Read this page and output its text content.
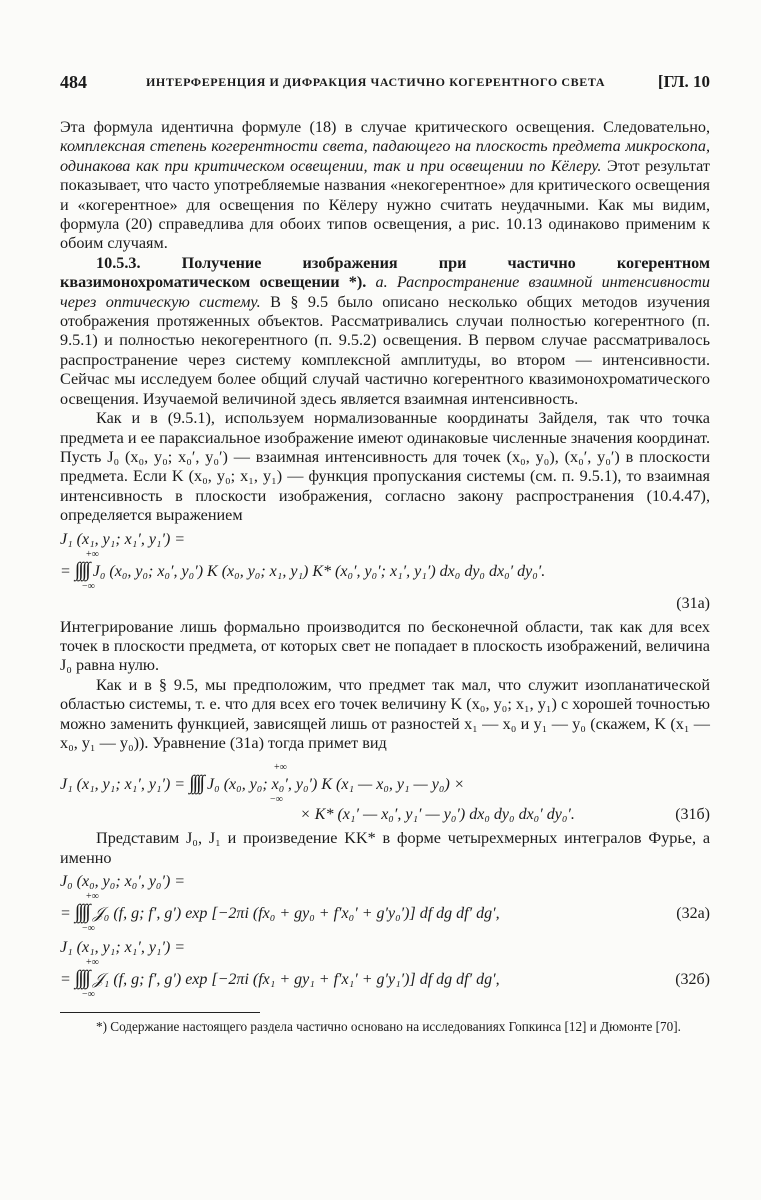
484	ИНТЕРФЕРЕНЦИЯ И ДИФРАКЦИЯ ЧАСТИЧНО КОГЕРЕНТНОГО СВЕТА	[ГЛ. 10

Эта формула идентична формуле (18) в случае критического освещения. Следовательно, комплексная степень когерентности света, падающего на плоскость предмета микроскопа, одинакова как при критическом освещении, так и при освещении по Кёлеру. Этот результат показывает, что часто употребляемые названия «некогерентное» для критического освещения и «когерентное» для освещения по Кёлеру нужно считать неудачными. Как мы видим, формула (20) справедлива для обоих типов освещения, а рис. 10.13 одинаково применим к обоим случаям.

10.5.3. Получение изображения при частично когерентном квазимонохроматическом освещении *). а. Распространение взаимной интенсивности через оптическую систему. В § 9.5 было описано несколько общих методов изучения отображения протяженных объектов. Рассматривались случаи полностью когерентного (п. 9.5.1) и полностью некогерентного (п. 9.5.2) освещения. В первом случае рассматривалось распространение через систему комплексной амплитуды, во втором — интенсивности. Сейчас мы исследуем более общий случай частично когерентного квазимонохроматического освещения. Изучаемой величиной здесь является взаимная интенсивность.

Как и в (9.5.1), используем нормализованные координаты Зайделя, так что точка предмета и ее параксиальное изображение имеют одинаковые численные значения координат. Пусть J₀ (x₀, y₀; x₀′, y₀′) — взаимная интенсивность для точек (x₀, y₀), (x₀′, y₀′) в плоскости предмета. Если K (x₀, y₀; x₁, y₁) — функция пропускания системы (см. п. 9.5.1), то взаимная интенсивность в плоскости изображения, согласно закону распространения (10.4.47), определяется выражением

J₁ (x₁, y₁; x₁′, y₁′) =
+∞
= ∫∫∫∫ J₀ (x₀, y₀; x₀′, y₀′) K (x₀, y₀; x₁, y₁) K* (x₀′, y₀′; x₁′, y₁′) dx₀ dy₀ dx₀′ dy₀′.
−∞
(31a)

Интегрирование лишь формально производится по бесконечной области, так как для всех точек в плоскости предмета, от которых свет не попадает в плоскость изображений, величина J₀ равна нулю.

Как и в § 9.5, мы предположим, что предмет так мал, что служит изопланатической областью системы, т. е. что для всех его точек величину K (x₀, y₀; x₁, y₁) с хорошей точностью можно заменить функцией, зависящей лишь от разностей x₁ — x₀ и y₁ — y₀ (скажем, K (x₁ — x₀, y₁ — y₀)). Уравнение (31a) тогда примет вид

+∞
J₁ (x₁, y₁; x₁′, y₁′) = ∫∫∫∫ J₀ (x₀, y₀; x₀′, y₀′) K (x₁ — x₀, y₁ — y₀) ×
−∞
× K* (x₁′ — x₀′, y₁′ — y₀′) dx₀ dy₀ dx₀′ dy₀′.	(31б)

Представим J₀, J₁ и произведение KK* в форме четырехмерных интегралов Фурье, а именно

J₀ (x₀, y₀; x₀′, y₀′) =
+∞
= ∫∫∫∫ 𝒥₀ (f, g; f′, g′) exp [−2πi (fx₀ + gy₀ + f′x₀′ + g′y₀′)] df dg df′ dg′,	(32a)
−∞
J₁ (x₁, y₁; x₁′, y₁′) =
+∞
= ∫∫∫∫ 𝒥₁ (f, g; f′, g′) exp [−2πi (fx₁ + gy₁ + f′x₁′ + g′y₁′)] df dg df′ dg′,	(32б)
−∞

*) Содержание настоящего раздела частично основано на исследованиях Гопкинса [12] и Дюмонте [70].
